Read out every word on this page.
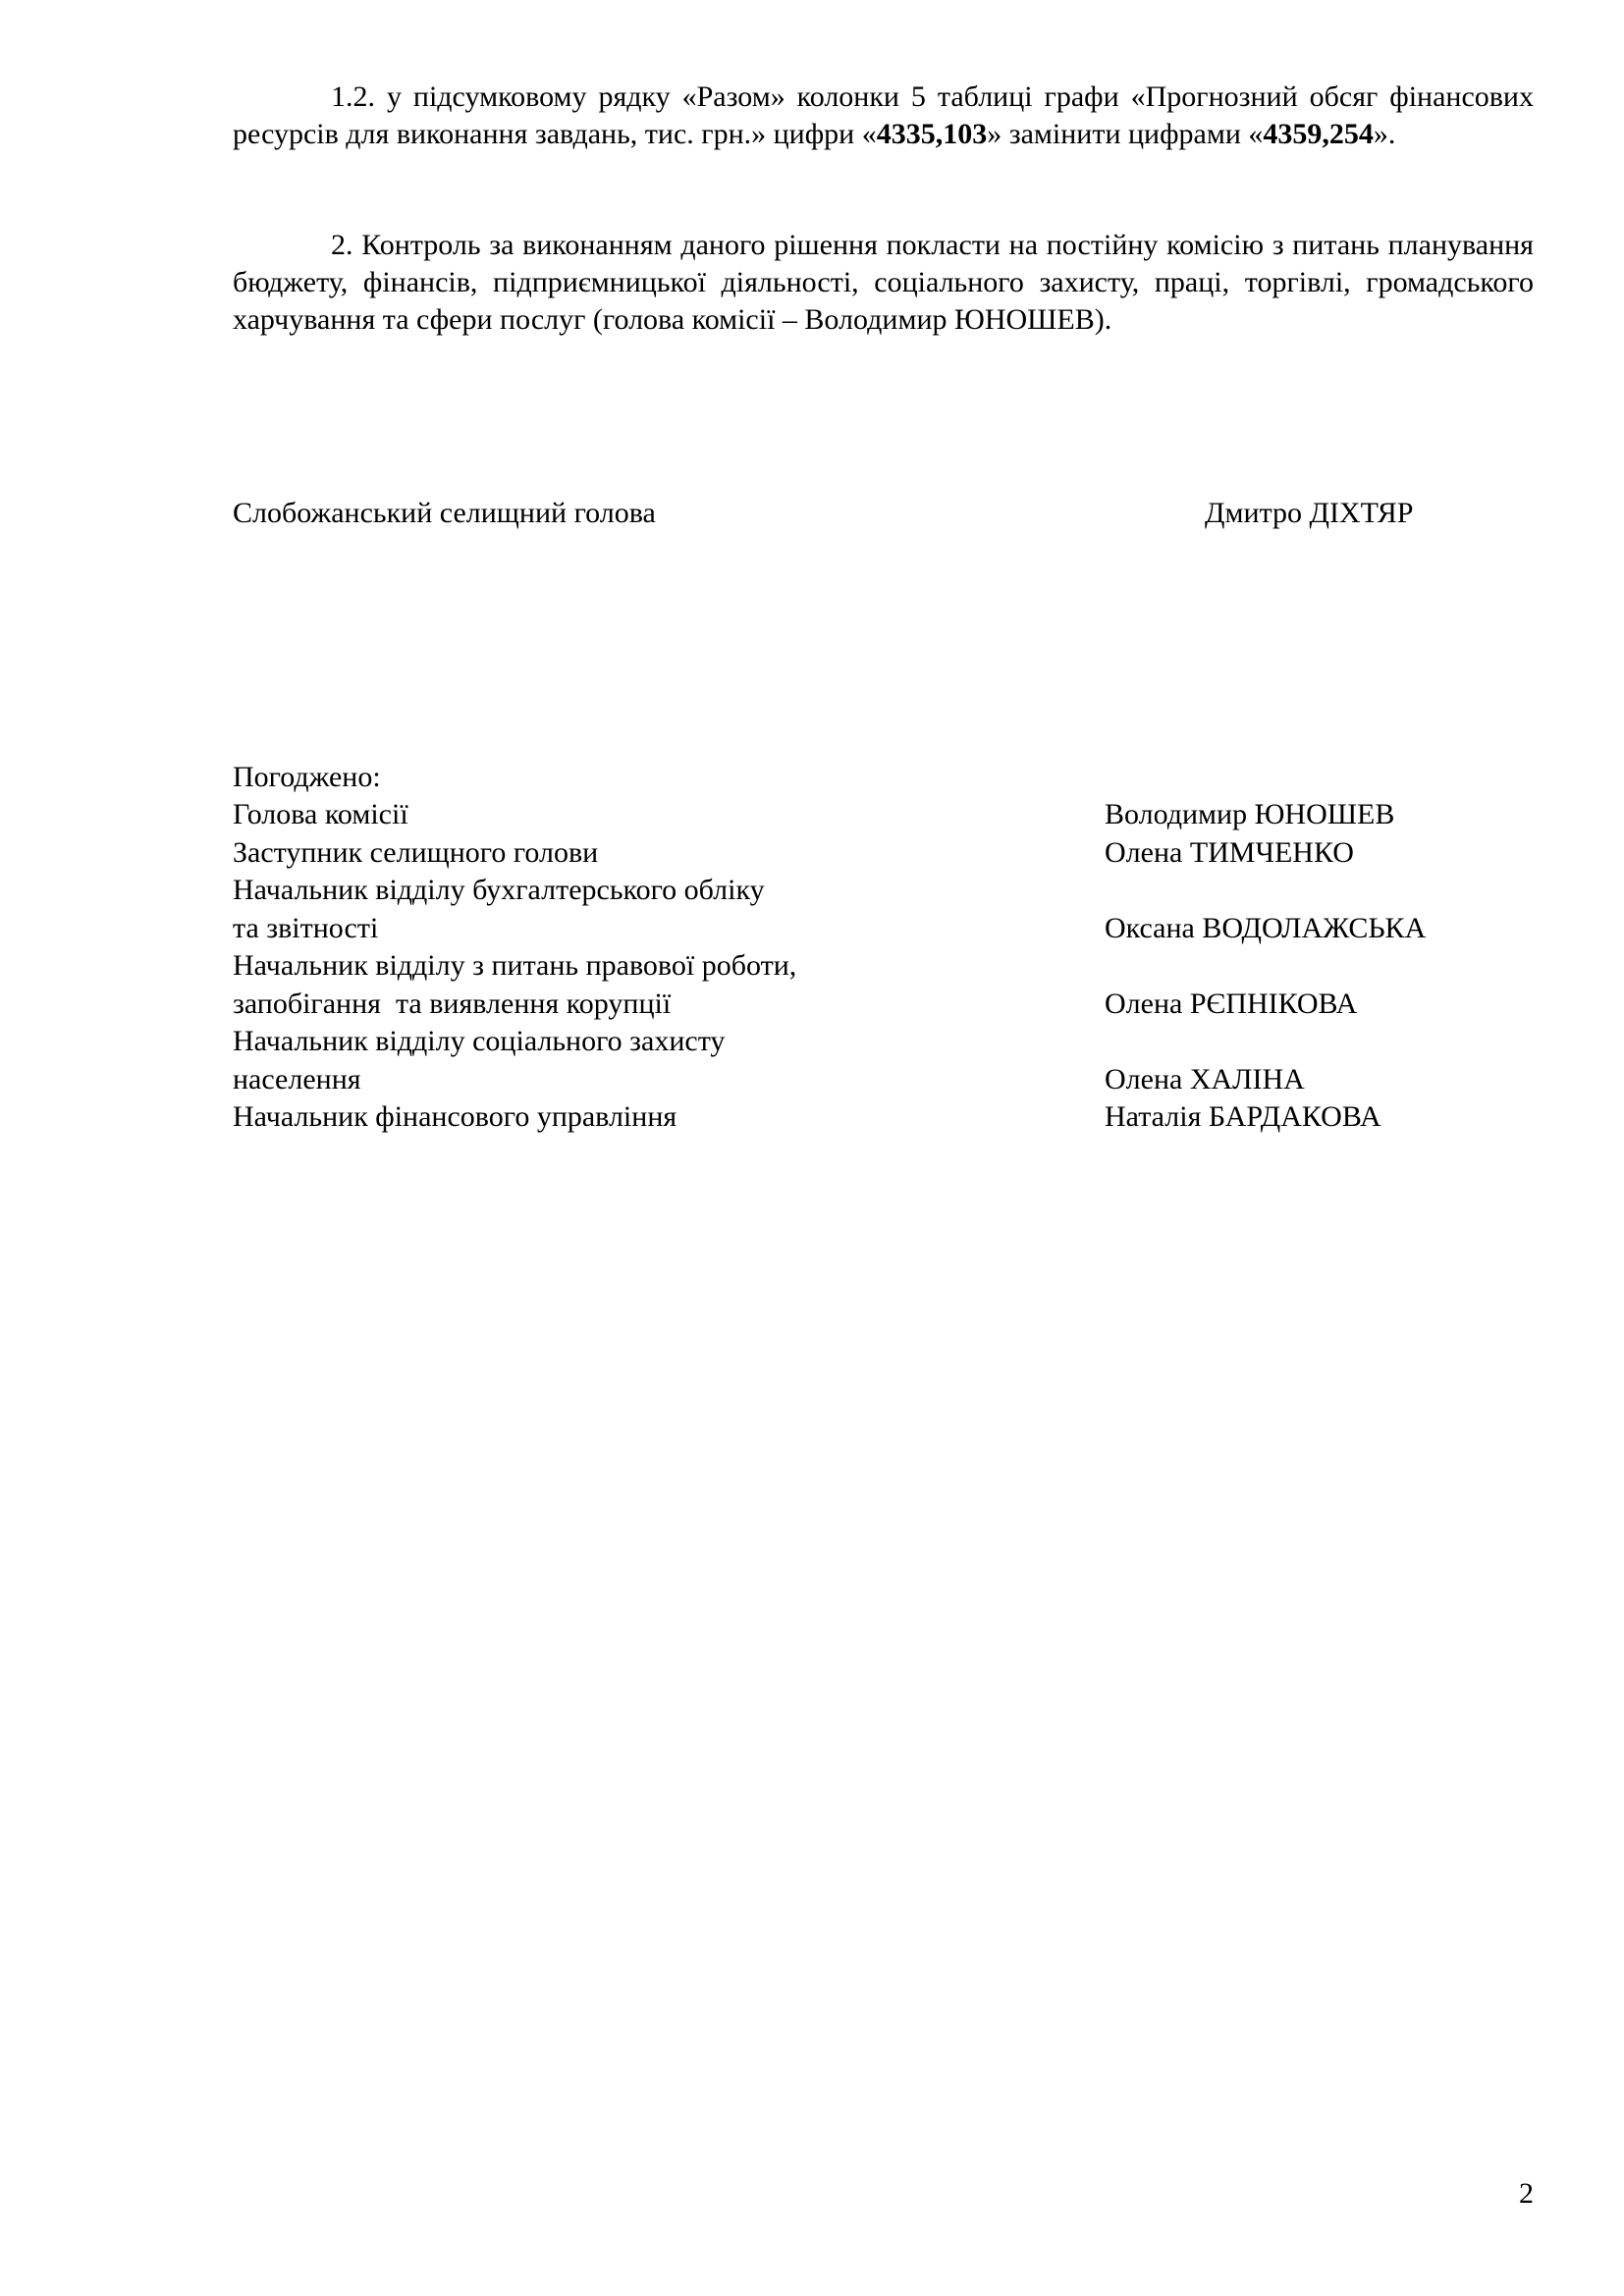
1.2. у підсумковому рядку «Разом» колонки 5 таблиці графи «Прогнозний обсяг фінансових ресурсів для виконання завдань, тис. грн.» цифри «4335,103» замінити цифрами «4359,254».

2. Контроль за виконанням даного рішення покласти на постійну комісію з питань планування бюджету, фінансів, підприємницької діяльності, соціального захисту, праці, торгівлі, громадського харчування та сфери послуг (голова комісії – Володимир ЮНОШЕВ).

Слобожанський селищний голова	Дмитро ДІХТЯР
Погоджено:
Голова комісії	Володимир ЮНОШЕВ
Заступник селищного голови	Олена ТИМЧЕНКО
Начальник відділу бухгалтерського обліку
та звітності	Оксана ВОДОЛАЖСЬКА
Начальник відділу з питань правової роботи,
запобігання  та виявлення корупції	Олена РЄПНІКОВА
Начальник відділу соціального захисту
населення	Олена ХАЛІНА
Начальник фінансового управління	Наталія БАРДАКОВА
2
